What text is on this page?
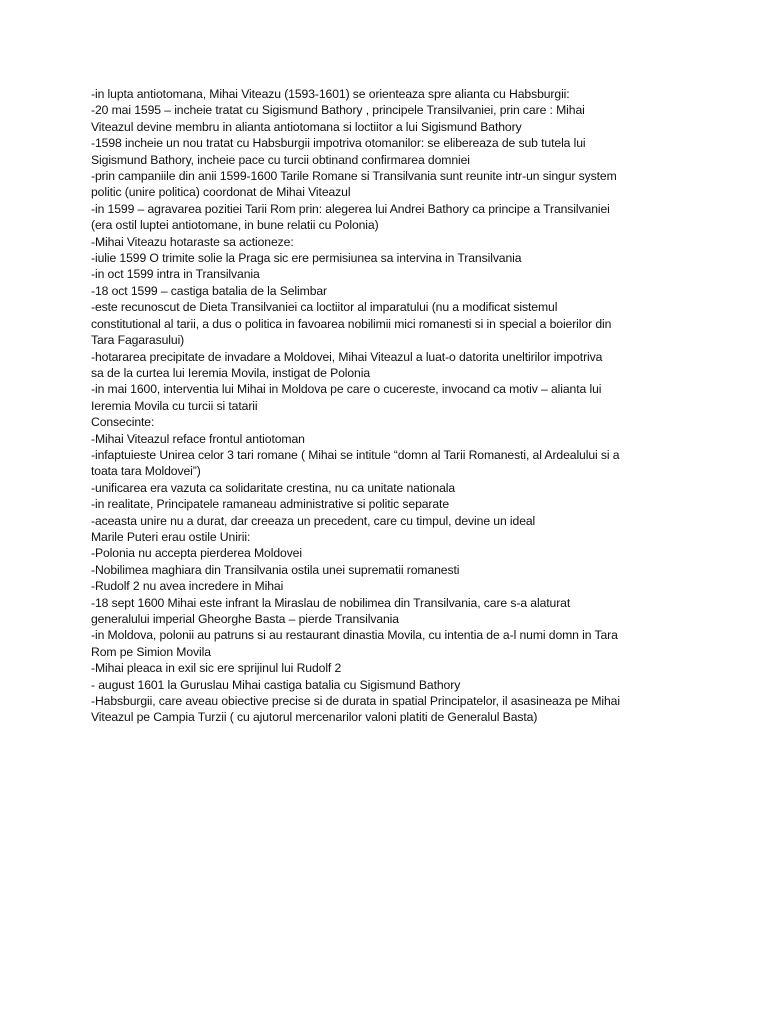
-in lupta antiotomana, Mihai Viteazu (1593-1601) se orienteaza spre alianta cu Habsburgii:
-20 mai 1595 – incheie tratat cu Sigismund Bathory , principele Transilvaniei, prin care : Mihai
Viteazul devine membru in alianta antiotomana si loctiitor a lui Sigismund Bathory
-1598 incheie un nou tratat cu Habsburgii impotriva otomanilor: se elibereaza de sub tutela lui
Sigismund Bathory, incheie pace cu turcii obtinand confirmarea domniei
-prin campaniile din anii 1599-1600 Tarile Romane si Transilvania sunt reunite intr-un singur system
politic (unire politica) coordonat de Mihai Viteazul
-in 1599 – agravarea pozitiei Tarii Rom prin: alegerea lui Andrei Bathory ca principe a Transilvaniei
(era ostil luptei antiotomane, in bune relatii cu Polonia)
-Mihai Viteazu hotaraste sa actioneze:
-iulie 1599 O trimite solie la Praga sic ere permisiunea sa intervina in Transilvania
-in oct 1599 intra in Transilvania
-18 oct 1599 – castiga batalia de la Selimbar
-este recunoscut de Dieta Transilvaniei ca loctiitor al imparatului (nu a modificat sistemul
constitutional al tarii, a dus o politica in favoarea nobilimii mici romanesti si in special a boierilor din
Tara Fagarasului)
-hotararea precipitate de invadare a Moldovei, Mihai Viteazul a luat-o datorita uneltirilor impotriva
sa de la curtea lui Ieremia Movila, instigat de Polonia
-in mai 1600, interventia lui Mihai in Moldova pe care o cucereste, invocand ca motiv – alianta lui
Ieremia Movila cu turcii si tatarii
Consecinte:
-Mihai Viteazul reface frontul antiotoman
-infaptuieste Unirea celor 3 tari romane ( Mihai se intitule “domn al Tarii Romanesti, al Ardealului si a
toata tara Moldovei”)
-unificarea era vazuta ca solidaritate crestina, nu ca unitate nationala
-in realitate, Principatele ramaneau administrative si politic separate
-aceasta unire nu a durat, dar creeaza un precedent, care cu timpul, devine un ideal
Marile Puteri erau ostile Unirii:
-Polonia nu accepta pierderea Moldovei
-Nobilimea maghiara din Transilvania ostila unei suprematii romanesti
-Rudolf 2 nu avea incredere in Mihai
-18 sept 1600 Mihai este infrant la Miraslau de nobilimea din Transilvania, care s-a alaturat
generalului imperial Gheorghe Basta – pierde Transilvania
-in Moldova, polonii au patruns si au restaurant dinastia Movila, cu intentia de a-l numi domn in Tara
Rom pe Simion Movila
-Mihai pleaca in exil sic ere sprijinul lui Rudolf 2
- august 1601 la Guruslau Mihai castiga batalia cu Sigismund Bathory
-Habsburgii, care aveau obiective precise si de durata in spatial Principatelor, il asasineaza pe Mihai
Viteazul pe Campia Turzii ( cu ajutorul mercenarilor valoni platiti de Generalul Basta)
